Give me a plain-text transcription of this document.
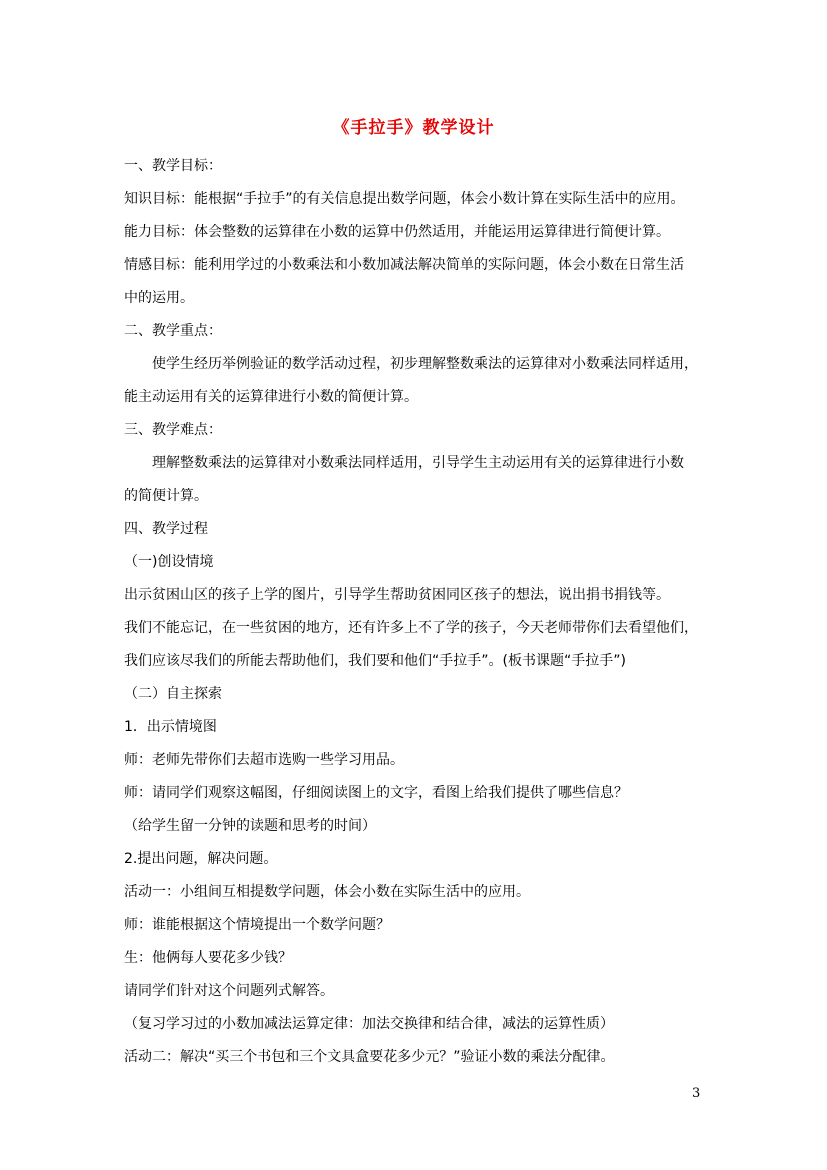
《手拉手》教学设计
一、教学目标：
知识目标：能根据“手拉手”的有关信息提出数学问题，体会小数计算在实际生活中的应用。
能力目标：体会整数的运算律在小数的运算中仍然适用，并能运用运算律进行简便计算。
情感目标：能利用学过的小数乘法和小数加减法解决简单的实际问题，体会小数在日常生活
中的运用。
二、教学重点：
使学生经历举例验证的数学活动过程，初步理解整数乘法的运算律对小数乘法同样适用，
能主动运用有关的运算律进行小数的简便计算。
三、教学难点：
理解整数乘法的运算律对小数乘法同样适用，引导学生主动运用有关的运算律进行小数
的简便计算。
四、教学过程
（一)创设情境
出示贫困山区的孩子上学的图片，引导学生帮助贫困同区孩子的想法，说出捐书捐钱等。
我们不能忘记，在一些贫困的地方，还有许多上不了学的孩子，今天老师带你们去看望他们，
我们应该尽我们的所能去帮助他们，我们要和他们“手拉手”。(板书课题“手拉手”)
（二）自主探索
1．出示情境图
师：老师先带你们去超市选购一些学习用品。
师：请同学们观察这幅图，仔细阅读图上的文字，看图上给我们提供了哪些信息？
（给学生留一分钟的读题和思考的时间）
2.提出问题，解决问题。
活动一：小组间互相提数学问题，体会小数在实际生活中的应用。
师：谁能根据这个情境提出一个数学问题？
生：他俩每人要花多少钱？
请同学们针对这个问题列式解答。
（复习学习过的小数加减法运算定律：加法交换律和结合律，减法的运算性质）
活动二：解决“买三个书包和三个文具盒要花多少元？”验证小数的乘法分配律。
3
